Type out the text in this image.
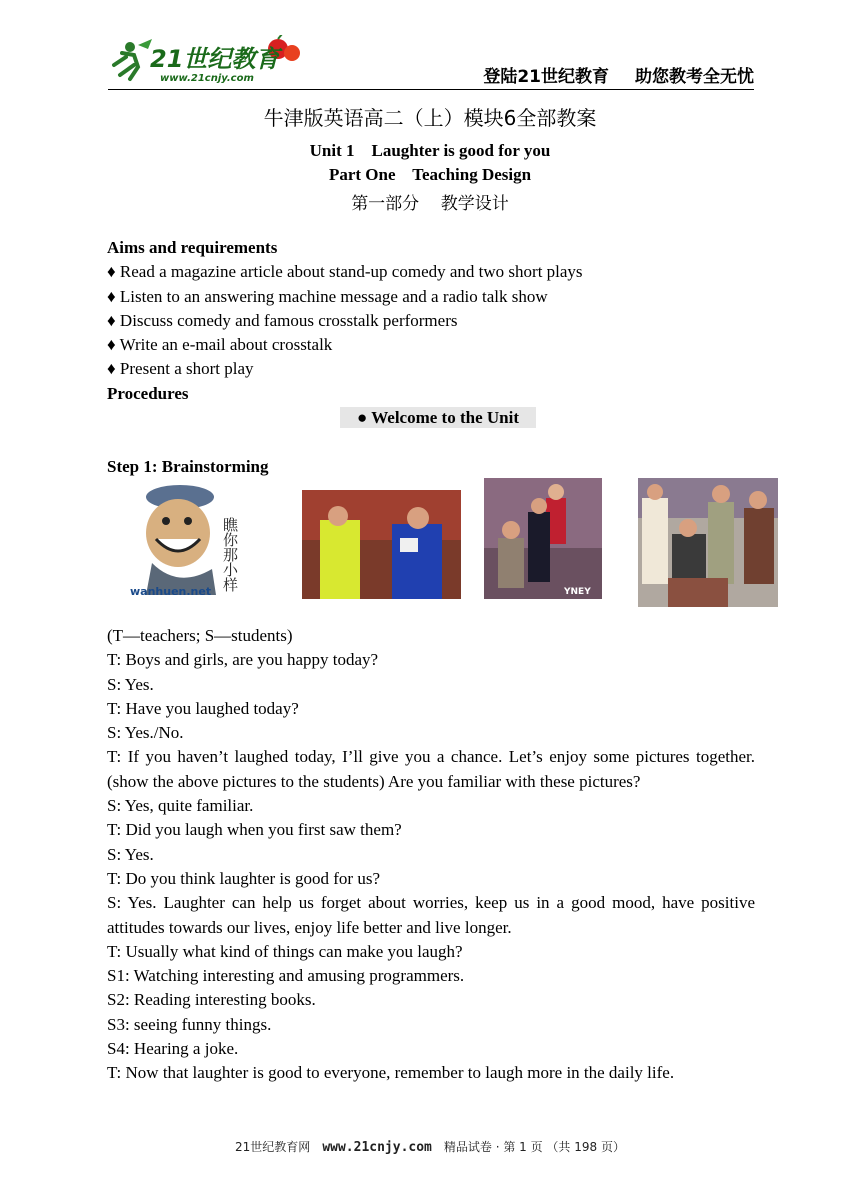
21世纪教育
www.21cnjy.com	登陆21世纪教育 助您教考全无忧
牛津版英语高二（上）模块6全部教案
Unit 1    Laughter is good for you
Part One    Teaching Design
第一部分    教学设计
Aims and requirements
♦ Read a magazine article about stand-up comedy and two short plays
♦ Listen to an answering machine message and a radio talk show
♦ Discuss comedy and famous crosstalk performers
♦ Write an e-mail about crosstalk
♦ Present a short play
Procedures
● Welcome to the Unit
Step 1: Brainstorming
瞧你那小样
wanhuen.net	YNEY
(T—teachers; S—students)
T: Boys and girls, are you happy today?
S: Yes.
T: Have you laughed today?
S: Yes./No.
T: If you haven’t laughed today, I’ll give you a chance. Let’s enjoy some pictures together. (show the above pictures to the students) Are you familiar with these pictures?
S: Yes, quite familiar.
T: Did you laugh when you first saw them?
S: Yes.
T: Do you think laughter is good for us?
S: Yes. Laughter can help us forget about worries, keep us in a good mood, have positive attitudes towards our lives, enjoy life better and live longer.
T: Usually what kind of things can make you laugh?
S1: Watching interesting and amusing programmers.
S2: Reading interesting books.
S3: seeing funny things.
S4: Hearing a joke.
T: Now that laughter is good to everyone, remember to laugh more in the daily life.
21世纪教育网 www.21cnjy.com 精品试卷 · 第 1 页 （共 198 页）
